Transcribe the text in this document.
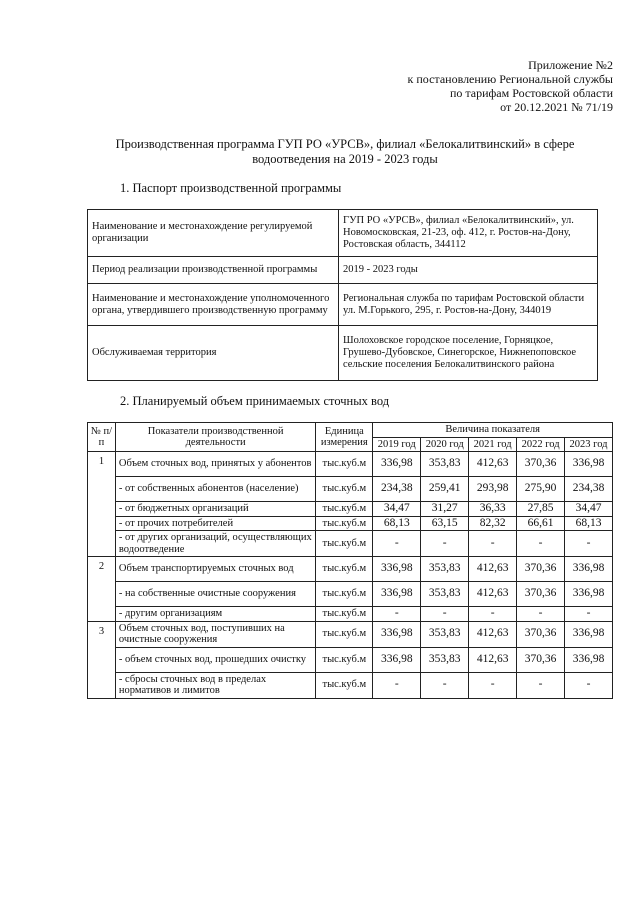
Приложение №2
к постановлению Региональной службы
по тарифам Ростовской области
от 20.12.2021 № 71/19
Производственная программа ГУП РО «УРСВ», филиал «Белокалитвинский» в сфере
водоотведения на 2019 - 2023 годы
1. Паспорт производственной программы
Наименование и местонахождение регулируемой организации	ГУП РО «УРСВ», филиал «Белокалитвинский», ул. Новомосковская, 21-23, оф. 412, г. Ростов-на-Дону, Ростовская область, 344112
Период реализации производственной программы	2019 - 2023 годы
Наименование и местонахождение уполномоченного органа, утвердившего производственную программу	Региональная служба по тарифам Ростовской области ул. М.Горького, 295, г. Ростов-на-Дону, 344019
Обслуживаемая территория	Шолоховское городское поселение, Горняцкое, Грушево-Дубовское, Синегорское, Нижнепоповское сельские поселения Белокалитвинского района
2. Планируемый объем принимаемых сточных вод
№ п/п	Показатели производственной деятельности	Единица измерения	Величина показателя				
			2019 год	2020 год	2021 год	2022 год	2023 год
1	Объем сточных вод, принятых у абонентов	тыс.куб.м	336,98	353,83	412,63	370,36	336,98
	- от собственных абонентов (население)	тыс.куб.м	234,38	259,41	293,98	275,90	234,38
	- от бюджетных организаций	тыс.куб.м	34,47	31,27	36,33	27,85	34,47
	- от прочих потребителей	тыс.куб.м	68,13	63,15	82,32	66,61	68,13
	- от других организаций, осуществляющих водоотведение	тыс.куб.м	-	-	-	-	-
2	Объем транспортируемых сточных вод	тыс.куб.м	336,98	353,83	412,63	370,36	336,98
	- на собственные очистные сооружения	тыс.куб.м	336,98	353,83	412,63	370,36	336,98
	- другим организациям	тыс.куб.м	-	-	-	-	-
3	Объем сточных вод, поступивших на очистные сооружения	тыс.куб.м	336,98	353,83	412,63	370,36	336,98
	- объем сточных вод, прошедших очистку	тыс.куб.м	336,98	353,83	412,63	370,36	336,98
	- сбросы сточных вод в пределах нормативов и лимитов	тыс.куб.м	-	-	-	-	-
